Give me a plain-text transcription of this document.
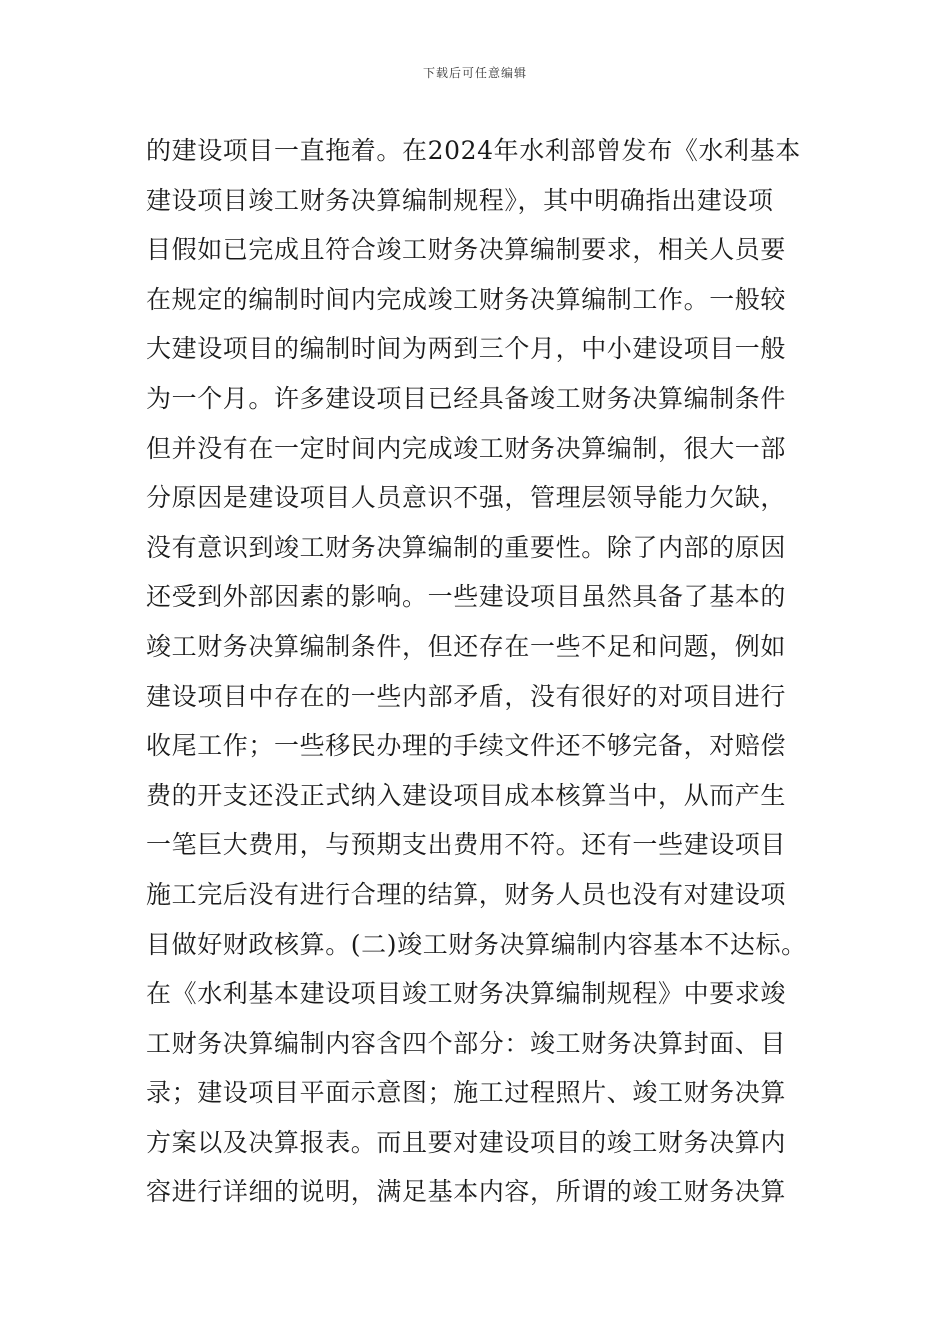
下载后可任意编辑
的建设项目一直拖着。在2024年水利部曾发布《水利基本
建设项目竣工财务决算编制规程》，其中明确指出建设项
目假如已完成且符合竣工财务决算编制要求，相关人员要
在规定的编制时间内完成竣工财务决算编制工作。一般较
大建设项目的编制时间为两到三个月，中小建设项目一般
为一个月。许多建设项目已经具备竣工财务决算编制条件
但并没有在一定时间内完成竣工财务决算编制，很大一部
分原因是建设项目人员意识不强，管理层领导能力欠缺，
没有意识到竣工财务决算编制的重要性。除了内部的原因
还受到外部因素的影响。一些建设项目虽然具备了基本的
竣工财务决算编制条件，但还存在一些不足和问题，例如
建设项目中存在的一些内部矛盾，没有很好的对项目进行
收尾工作；一些移民办理的手续文件还不够完备，对赔偿
费的开支还没正式纳入建设项目成本核算当中，从而产生
一笔巨大费用，与预期支出费用不符。还有一些建设项目
施工完后没有进行合理的结算，财务人员也没有对建设项
目做好财政核算。(二)竣工财务决算编制内容基本不达标。
在《水利基本建设项目竣工财务决算编制规程》中要求竣
工财务决算编制内容含四个部分：竣工财务决算封面、目
录；建设项目平面示意图；施工过程照片、竣工财务决算
方案以及决算报表。而且要对建设项目的竣工财务决算内
容进行详细的说明，满足基本内容，所谓的竣工财务决算
